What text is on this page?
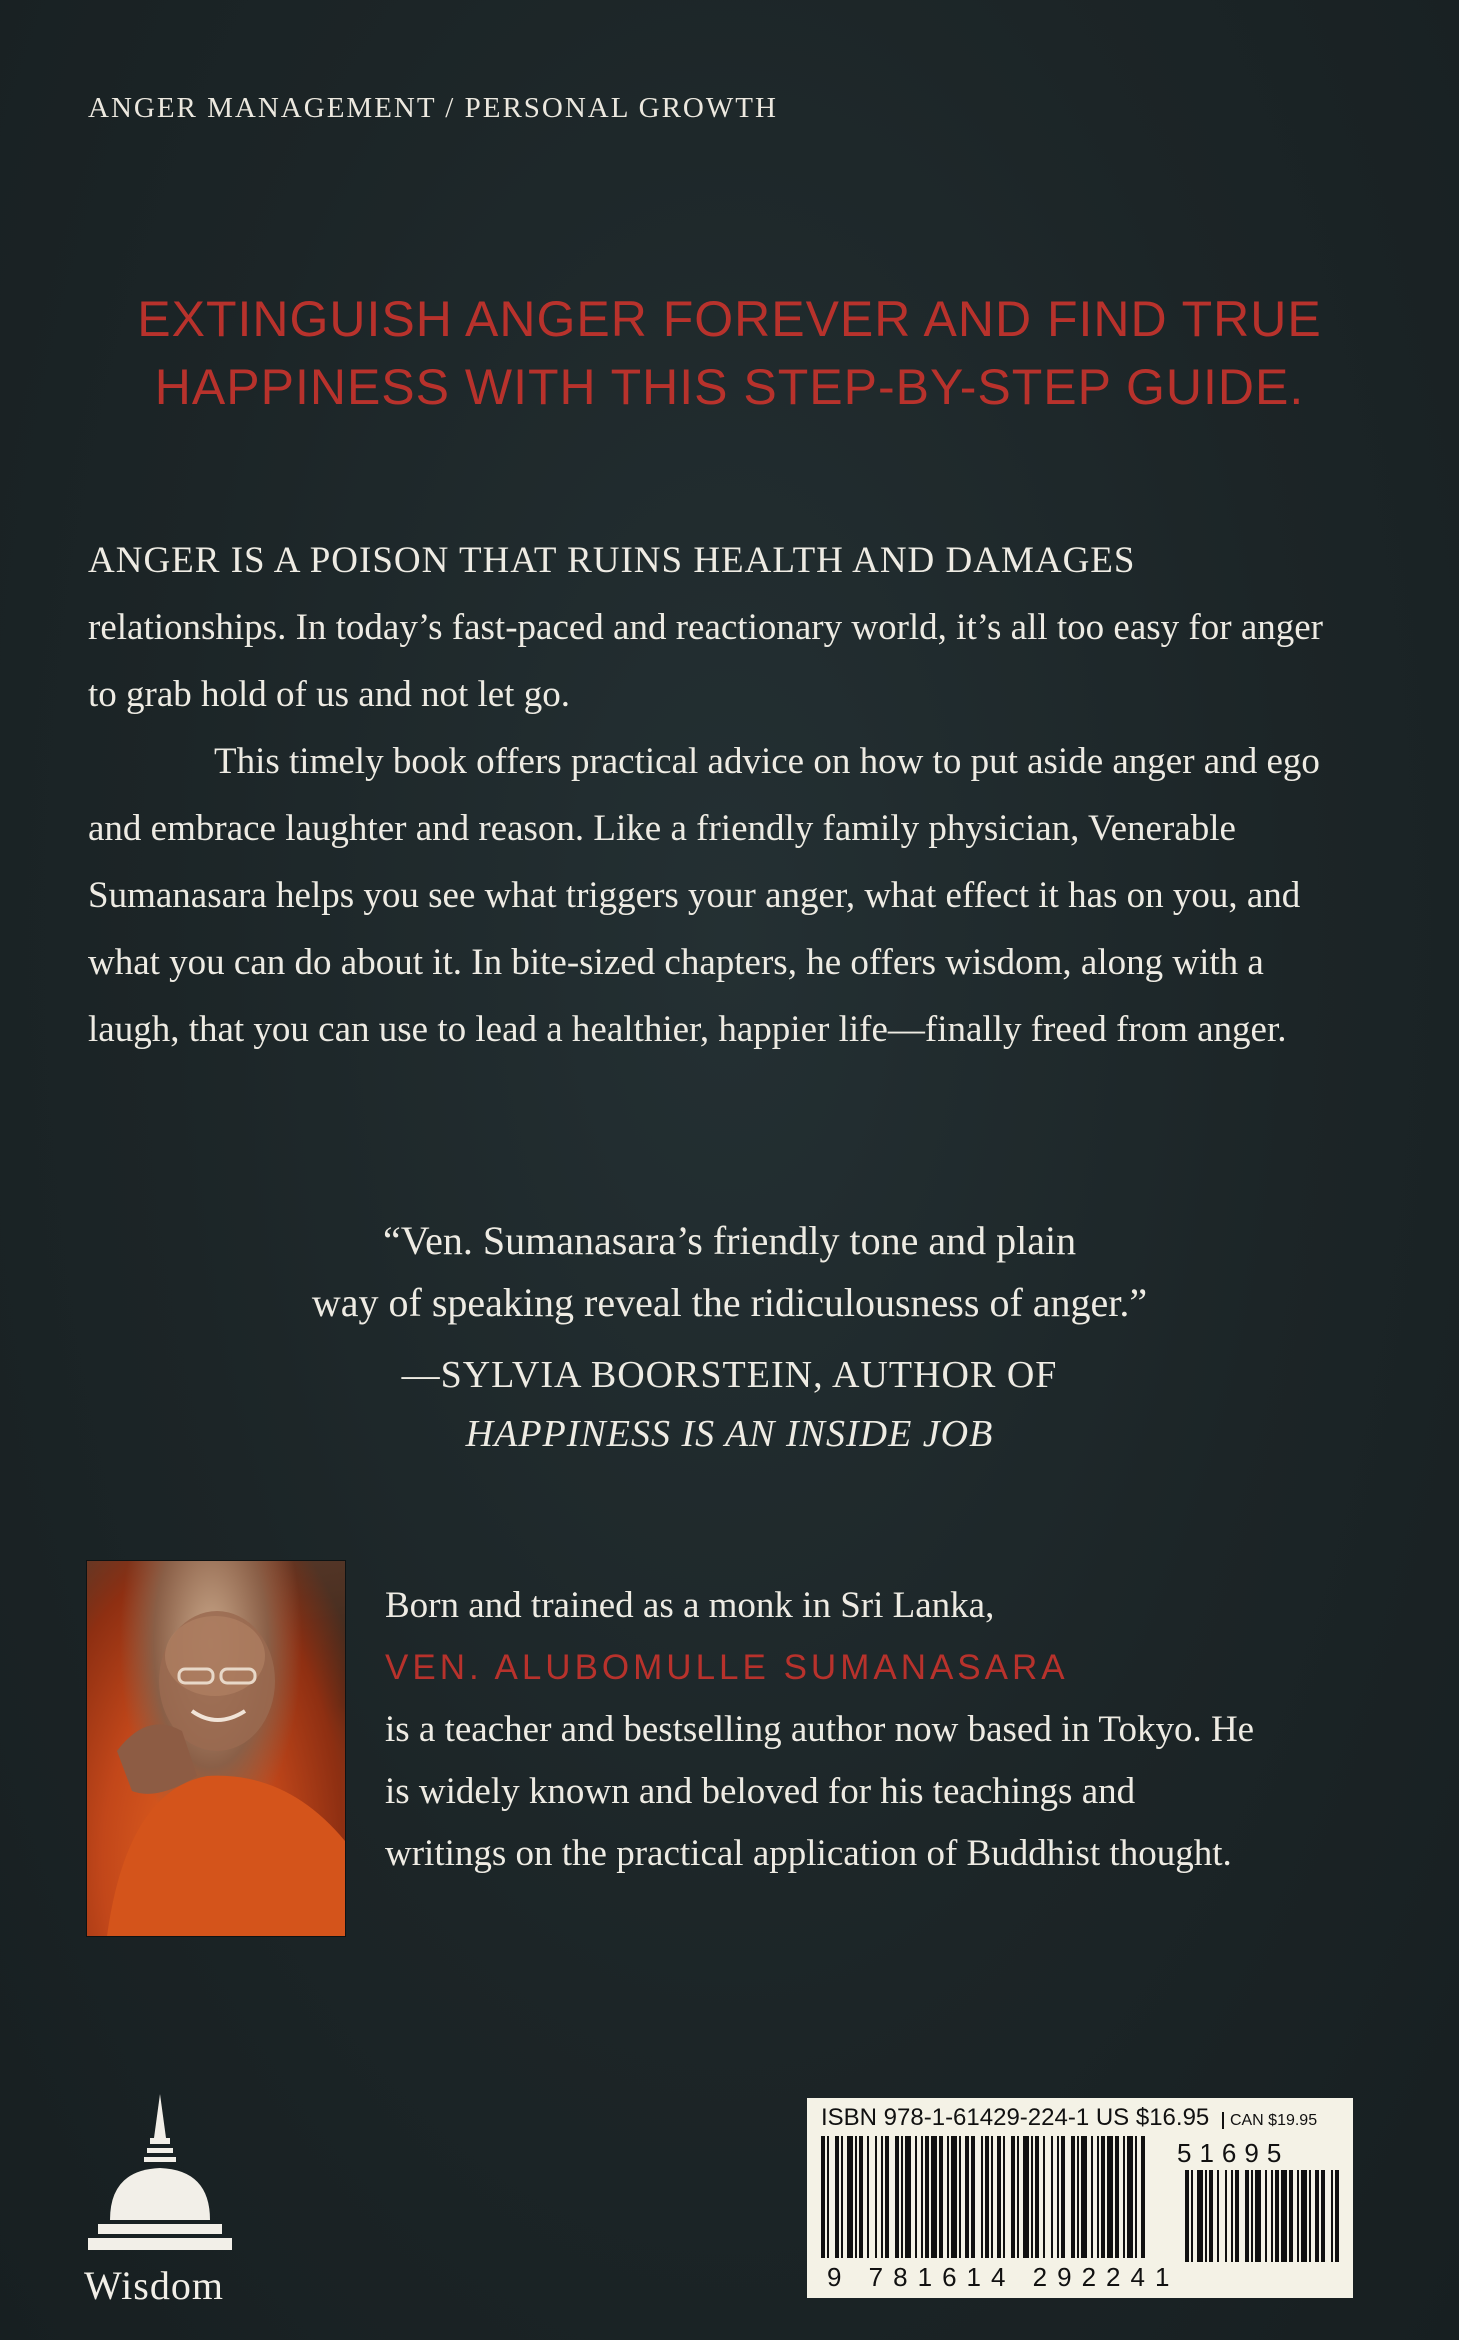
ANGER MANAGEMENT / PERSONAL GROWTH
EXTINGUISH ANGER FOREVER AND FIND TRUE
HAPPINESS WITH THIS STEP-BY-STEP GUIDE.

ANGER IS A POISON THAT RUINS HEALTH AND DAMAGES relationships. In today’s fast-paced and reactionary world, it’s all too easy for anger to grab hold of us and not let go.

This timely book offers practical advice on how to put aside anger and ego and embrace laughter and reason. Like a friendly family physician, Venerable Sumanasara helps you see what triggers your anger, what effect it has on you, and what you can do about it. In bite-sized chapters, he offers wisdom, along with a laugh, that you can use to lead a healthier, happier life—finally freed from anger.

“Ven. Sumanasara’s friendly tone and plain
way of speaking reveal the ridiculousness of anger.”
—SYLVIA BOORSTEIN, AUTHOR OF
HAPPINESS IS AN INSIDE JOB

Born and trained as a monk in Sri Lanka,

VEN. ALUBOMULLE SUMANASARA

is a teacher and bestselling author now based in Tokyo. He is widely known and beloved for his teachings and writings on the practical application of Buddhist thought.

Wisdom
ISBN 978-1-61429-224-1 US $16.95 CAN $19.95
51695
9 781614 292241
